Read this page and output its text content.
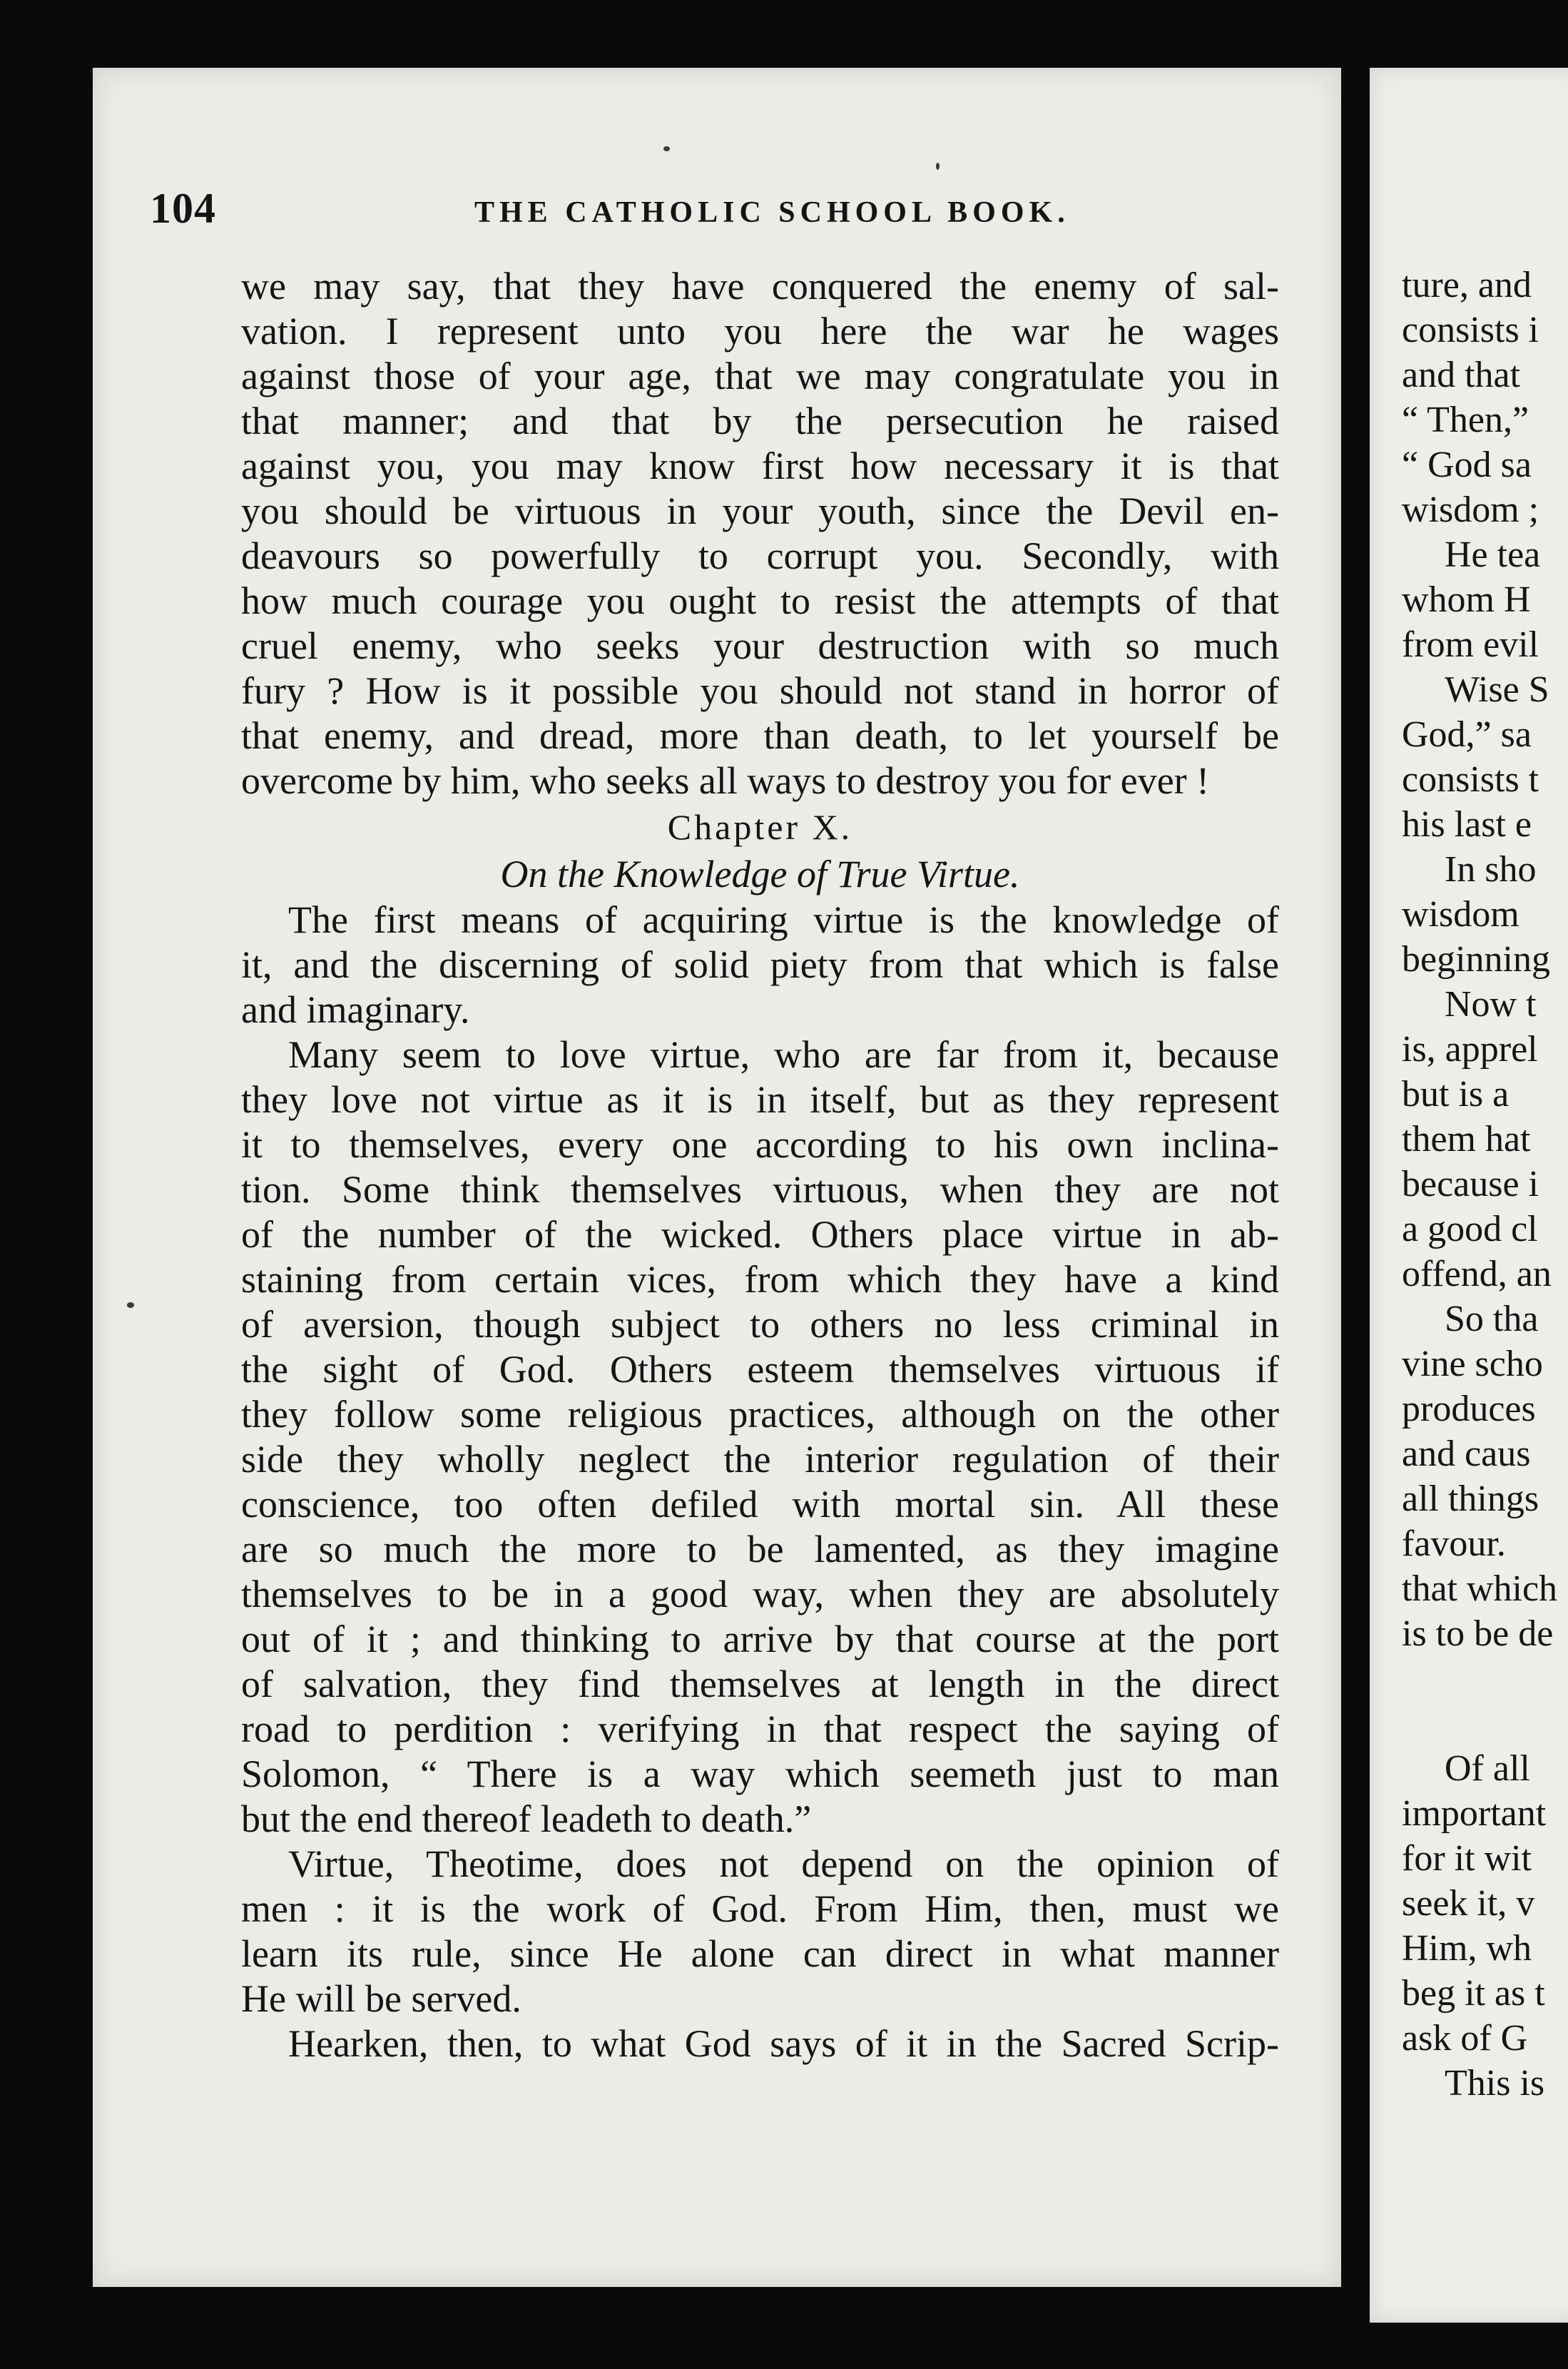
104	THE CATHOLIC SCHOOL BOOK.
we may say, that they have conquered the enemy of sal-
vation. I represent unto you here the war he wages
against those of your age, that we may congratulate you in
that manner; and that by the persecution he raised
against you, you may know first how necessary it is that
you should be virtuous in your youth, since the Devil en-
deavours so powerfully to corrupt you. Secondly, with
how much courage you ought to resist the attempts of that
cruel enemy, who seeks your destruction with so much
fury ? How is it possible you should not stand in horror of
that enemy, and dread, more than death, to let yourself be
overcome by him, who seeks all ways to destroy you for ever !
Chapter X.
On the Knowledge of True Virtue.
The first means of acquiring virtue is the knowledge of
it, and the discerning of solid piety from that which is false
and imaginary.
Many seem to love virtue, who are far from it, because
they love not virtue as it is in itself, but as they represent
it to themselves, every one according to his own inclina-
tion. Some think themselves virtuous, when they are not
of the number of the wicked. Others place virtue in ab-
staining from certain vices, from which they have a kind
of aversion, though subject to others no less criminal in
the sight of God. Others esteem themselves virtuous if
they follow some religious practices, although on the other
side they wholly neglect the interior regulation of their
conscience, too often defiled with mortal sin. All these
are so much the more to be lamented, as they imagine
themselves to be in a good way, when they are absolutely
out of it ; and thinking to arrive by that course at the port
of salvation, they find themselves at length in the direct
road to perdition : verifying in that respect the saying of
Solomon, “ There is a way which seemeth just to man
but the end thereof leadeth to death.”
Virtue, Theotime, does not depend on the opinion of
men : it is the work of God. From Him, then, must we
learn its rule, since He alone can direct in what manner
He will be served.
Hearken, then, to what God says of it in the Sacred Scrip-
ture, and
consists i
and that
“ Then,”
“ God sa
wisdom ;
He tea
whom H
from evil
Wise S
God,” sa
consists t
his last e
In sho
wisdom
beginning
Now t
is, apprel
but is a
them hat
because i
a good cl
offend, an
So tha
vine scho
produces
and caus
all things
favour.
that which
is to be de
Of all
important
for it wit
seek it, v
Him, wh
beg it as t
ask of G
This is
